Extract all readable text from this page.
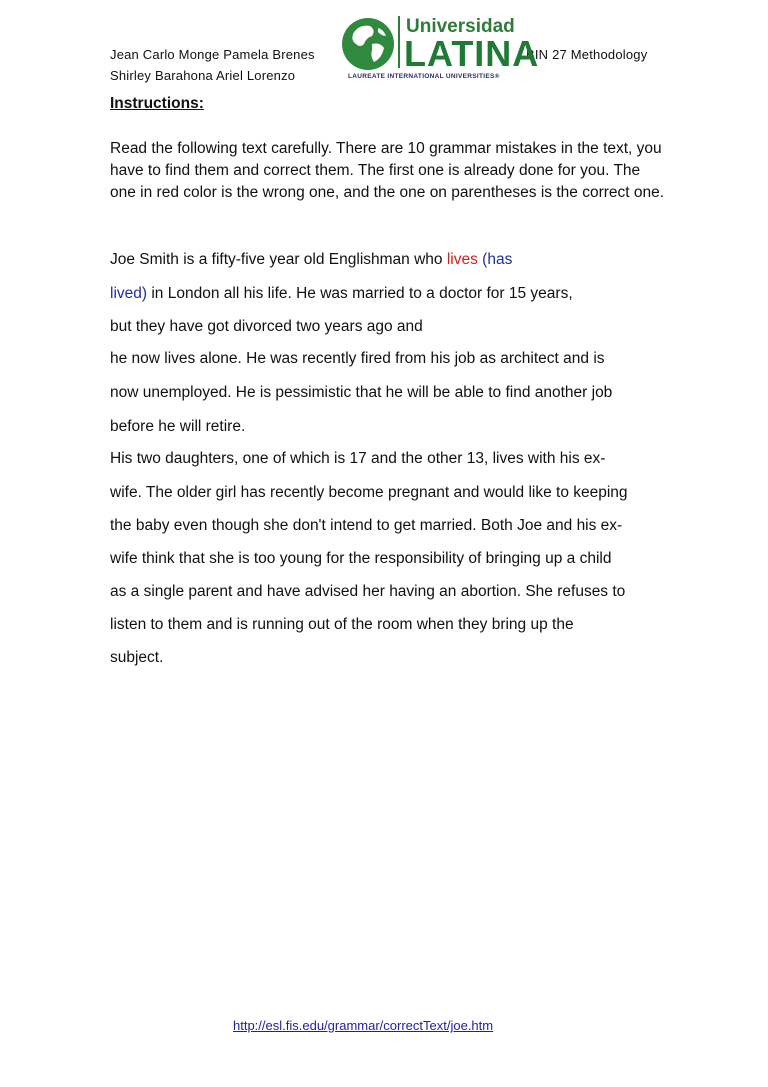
Jean Carlo Monge Pamela Brenes
Shirley Barahona Ariel Lorenzo
BIN 27 Methodology
Universidad
LATINA
LAUREATE INTERNATIONAL UNIVERSITIES®
Instructions:
Read the following text carefully. There are 10 grammar mistakes in the text, you have to find them and correct them. The first one is already done for you. The one in red color is the wrong one, and the one on parentheses is the correct one.
Joe Smith is a fifty-five year old Englishman who lives (has
lived) in London all his life. He was married to a doctor for 15 years,
but they have got divorced two years ago and
he now lives alone. He was recently fired from his job as architect and is
now unemployed. He is pessimistic that he will be able to find another job
before he will retire.
His two daughters, one of which is 17 and the other 13, lives with his ex-
wife. The older girl has recently become pregnant and would like to keeping
the baby even though she don't intend to get married. Both Joe and his ex-
wife think that she is too young for the responsibility of bringing up a child
as a single parent and have advised her having an abortion. She refuses to
listen to them and is running out of the room when they bring up the
subject.
http://esl.fis.edu/grammar/correctText/joe.htm
